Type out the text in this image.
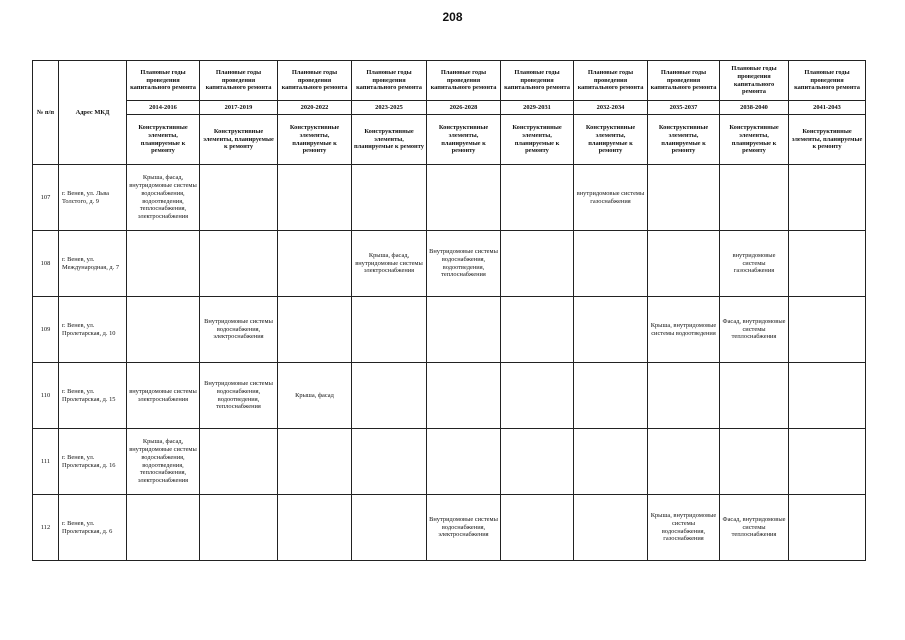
208
№ п/п	Адрес МКД	Плановые годы проведения капитального ремонта	Плановые годы проведения капитального ремонта	Плановые годы проведения капитального ремонта	Плановые годы проведения капитального ремонта	Плановые годы проведения капитального ремонта	Плановые годы проведения капитального ремонта	Плановые годы проведения капитального ремонта	Плановые годы проведения капитального ремонта	Плановые годы проведения капитального ремонта	Плановые годы проведения капитального ремонта
		2014-2016	2017-2019	2020-2022	2023-2025	2026-2028	2029-2031	2032-2034	2035-2037	2038-2040	2041-2043
		Конструктивные элементы, планируемые к ремонту	Конструктивные элементы, планируемые к ремонту	Конструктивные элементы, планируемые к ремонту	Конструктивные элементы, планируемые к ремонту	Конструктивные элементы, планируемые к ремонту	Конструктивные элементы, планируемые к ремонту	Конструктивные элементы, планируемые к ремонту	Конструктивные элементы, планируемые к ремонту	Конструктивные элементы, планируемые к ремонту	Конструктивные элементы, планируемые к ремонту
107	г. Венев, ул. Льва Толстого, д. 9	Крыша, фасад, внутридомовые системы водоснабжения, водоотведения, теплоснабжения, электроснабжения						внутридомовые системы газоснабжения			
108	г. Венев, ул. Международная, д. 7				Крыша, фасад, внутридомовые системы электроснабжения	Внутридомовые системы водоснабжения, водоотведения, теплоснабжения				внутридомовые системы газоснабжения	
109	г. Венев, ул. Пролетарская, д. 10		Внутридомовые системы водоснабжения, электроснабжения						Крыша, внутридомовые системы водоотведения	Фасад, внутридомовые системы теплоснабжения	
110	г. Венев, ул. Пролетарская, д. 15	внутридомовые системы электроснабжения	Внутридомовые системы водоснабжения, водоотведения, теплоснабжения	Крыша, фасад							
111	г. Венев, ул. Пролетарская, д. 16	Крыша, фасад, внутридомовые системы водоснабжения, водоотведения, теплоснабжения, электроснабжения									
112	г. Венев, ул. Пролетарская, д. 6					Внутридомовые системы водоснабжения, электроснабжения			Крыша, внутридомовые системы водоснабжения, газоснабжения	Фасад, внутридомовые системы теплоснабжения	
